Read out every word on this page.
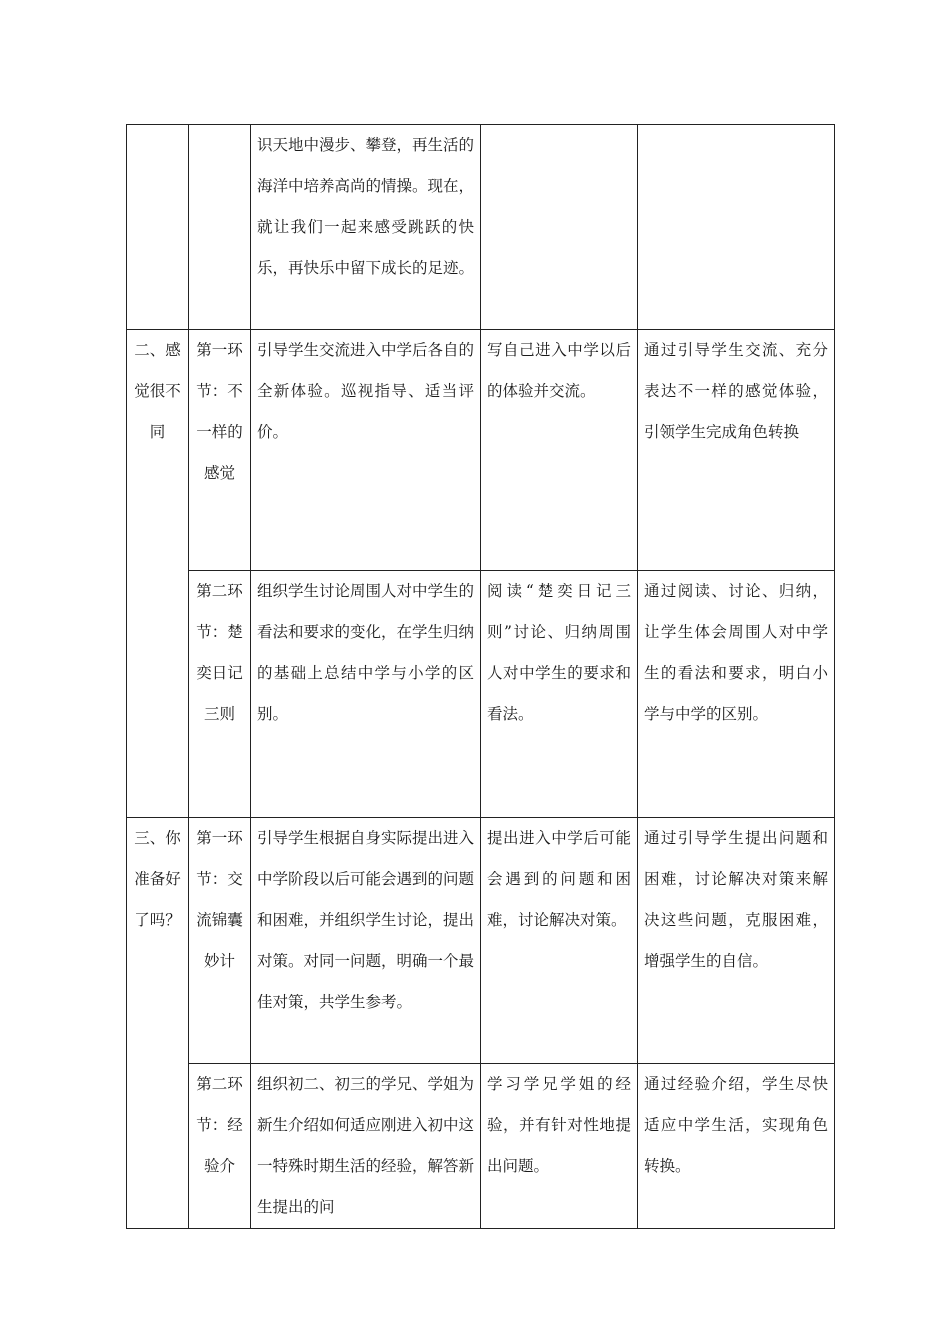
		识天地中漫步、攀登，再生活的海洋中培养高尚的情操。现在，就让我们一起来感受跳跃的快乐，再快乐中留下成长的足迹。		
二、感觉很不同	第一环节：不一样的感觉	引导学生交流进入中学后各自的全新体验。巡视指导、适当评价。	写自己进入中学以后的体验并交流。	通过引导学生交流、充分表达不一样的感觉体验，引领学生完成角色转换
	第二环节：楚奕日记三则	组织学生讨论周围人对中学生的看法和要求的变化，在学生归纳的基础上总结中学与小学的区别。	阅读“楚奕日记三则”讨论、归纳周围人对中学生的要求和看法。	通过阅读、讨论、归纳，让学生体会周围人对中学生的看法和要求，明白小学与中学的区别。
三、你准备好了吗？	第一环节：交流锦囊妙计	引导学生根据自身实际提出进入中学阶段以后可能会遇到的问题和困难，并组织学生讨论，提出对策。对同一问题，明确一个最佳对策，共学生参考。	提出进入中学后可能会遇到的问题和困难，讨论解决对策。	通过引导学生提出问题和困难，讨论解决对策来解决这些问题，克服困难，增强学生的自信。
	第二环节：经验介	组织初二、初三的学兄、学姐为新生介绍如何适应刚进入初中这一特殊时期生活的经验，解答新生提出的问	学习学兄学姐的经验，并有针对性地提出问题。	通过经验介绍，学生尽快适应中学生活，实现角色转换。
